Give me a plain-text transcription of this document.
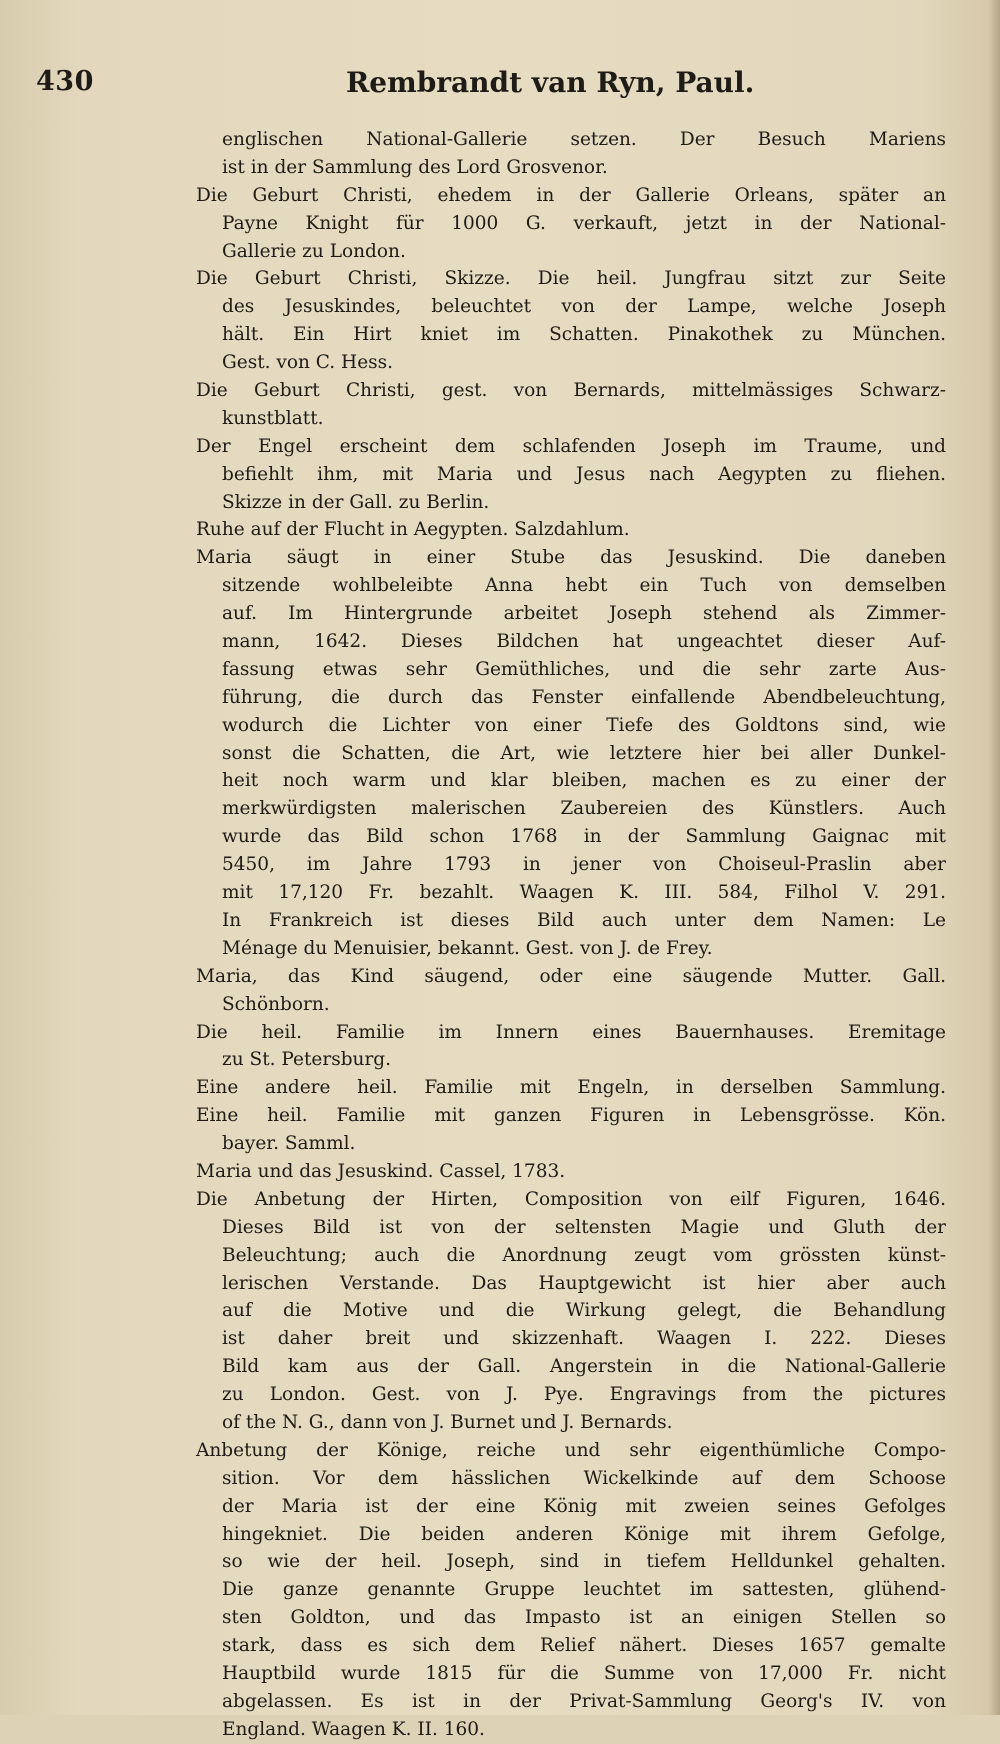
430	Rembrandt van Ryn, Paul.
englischen National-Gallerie setzen. Der Besuch Mariens
ist in der Sammlung des Lord Grosvenor.
Die Geburt Christi, ehedem in der Gallerie Orleans, später an
Payne Knight für 1000 G. verkauft, jetzt in der National-
Gallerie zu London.
Die Geburt Christi, Skizze. Die heil. Jungfrau sitzt zur Seite
des Jesuskindes, beleuchtet von der Lampe, welche Joseph
hält. Ein Hirt kniet im Schatten. Pinakothek zu München.
Gest. von C. Hess.
Die Geburt Christi, gest. von Bernards, mittelmässiges Schwarz-
kunstblatt.
Der Engel erscheint dem schlafenden Joseph im Traume, und
befiehlt ihm, mit Maria und Jesus nach Aegypten zu fliehen.
Skizze in der Gall. zu Berlin.
Ruhe auf der Flucht in Aegypten. Salzdahlum.
Maria säugt in einer Stube das Jesuskind. Die daneben
sitzende wohlbeleibte Anna hebt ein Tuch von demselben
auf. Im Hintergrunde arbeitet Joseph stehend als Zimmer-
mann, 1642. Dieses Bildchen hat ungeachtet dieser Auf-
fassung etwas sehr Gemüthliches, und die sehr zarte Aus-
führung, die durch das Fenster einfallende Abendbeleuchtung,
wodurch die Lichter von einer Tiefe des Goldtons sind, wie
sonst die Schatten, die Art, wie letztere hier bei aller Dunkel-
heit noch warm und klar bleiben, machen es zu einer der
merkwürdigsten malerischen Zaubereien des Künstlers. Auch
wurde das Bild schon 1768 in der Sammlung Gaignac mit
5450, im Jahre 1793 in jener von Choiseul-Praslin aber
mit 17,120 Fr. bezahlt. Waagen K. III. 584, Filhol V. 291.
In Frankreich ist dieses Bild auch unter dem Namen: Le
Ménage du Menuisier, bekannt. Gest. von J. de Frey.
Maria, das Kind säugend, oder eine säugende Mutter. Gall.
Schönborn.
Die heil. Familie im Innern eines Bauernhauses. Eremitage
zu St. Petersburg.
Eine andere heil. Familie mit Engeln, in derselben Sammlung.
Eine heil. Familie mit ganzen Figuren in Lebensgrösse. Kön.
bayer. Samml.
Maria und das Jesuskind. Cassel, 1783.
Die Anbetung der Hirten, Composition von eilf Figuren, 1646.
Dieses Bild ist von der seltensten Magie und Gluth der
Beleuchtung; auch die Anordnung zeugt vom grössten künst-
lerischen Verstande. Das Hauptgewicht ist hier aber auch
auf die Motive und die Wirkung gelegt, die Behandlung
ist daher breit und skizzenhaft. Waagen I. 222. Dieses
Bild kam aus der Gall. Angerstein in die National-Gallerie
zu London. Gest. von J. Pye. Engravings from the pictures
of the N. G., dann von J. Burnet und J. Bernards.
Anbetung der Könige, reiche und sehr eigenthümliche Compo-
sition. Vor dem hässlichen Wickelkinde auf dem Schoose
der Maria ist der eine König mit zweien seines Gefolges
hingekniet. Die beiden anderen Könige mit ihrem Gefolge,
so wie der heil. Joseph, sind in tiefem Helldunkel gehalten.
Die ganze genannte Gruppe leuchtet im sattesten, glühend-
sten Goldton, und das Impasto ist an einigen Stellen so
stark, dass es sich dem Relief nähert. Dieses 1657 gemalte
Hauptbild wurde 1815 für die Summe von 17,000 Fr. nicht
abgelassen. Es ist in der Privat-Sammlung Georg's IV. von
England. Waagen K. II. 160.
